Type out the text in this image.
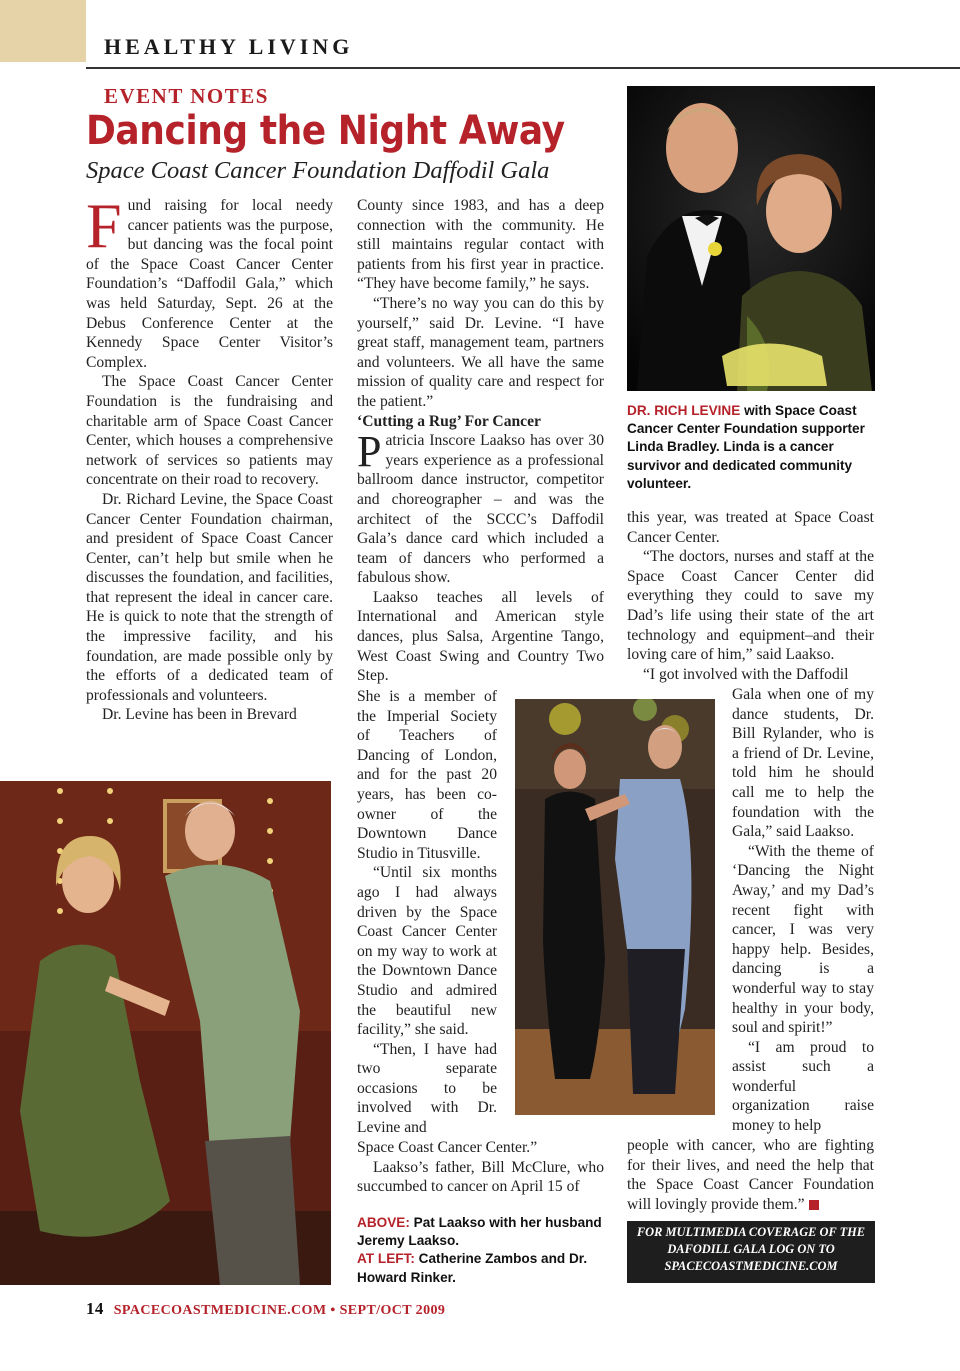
HEALTHY LIVING
EVENT NOTES
Dancing the Night Away
Space Coast Cancer Foundation Daffodil Gala

Fund raising for local needy cancer patients was the purpose, but dancing was the focal point of the Space Coast Cancer Center Foundation’s “Daffodil Gala,” which was held Saturday, Sept. 26 at the Debus Conference Center at the Kennedy Space Center Visitor’s Complex.

The Space Coast Cancer Center Foundation is the fundraising and charitable arm of Space Coast Cancer Center, which houses a comprehensive network of services so patients may concentrate on their road to recovery.

Dr. Richard Levine, the Space Coast Cancer Center Foundation chairman, and president of Space Coast Cancer Center, can’t help but smile when he discusses the foundation, and facilities, that represent the ideal in cancer care. He is quick to note that the strength of the impressive facility, and his foundation, are made possible only by the efforts of a dedicated team of professionals and volunteers.

Dr. Levine has been in Brevard

County since 1983, and has a deep connection with the community. He still maintains regular contact with patients from his first year in practice. “They have become family,” he says.

“There’s no way you can do this by yourself,” said Dr. Levine. “I have great staff, management team, partners and volunteers. We all have the same mission of quality care and respect for the patient.”

‘Cutting a Rug’ For Cancer

Patricia Inscore Laakso has over 30 years experience as a professional ballroom dance instructor, competitor and choreographer – and was the architect of the SCCC’s Daffodil Gala’s dance card which included a team of dancers who performed a fabulous show.

Laakso teaches all levels of International and American style dances, plus Salsa, Argentine Tango, West Coast Swing and Country Two Step.

She is a member of the Imperial Society of Teachers of Dancing of London, and for the past 20 years, has been co-owner of the Downtown Dance Studio in Titusville.

“Until six months ago I had always driven by the Space Coast Cancer Center on my way to work at the Downtown Dance Studio and admired the beautiful new facility,” she said.

“Then, I have had two separate occasions to be involved with Dr. Levine and

Space Coast Cancer Center.”

Laakso’s father, Bill McClure, who succumbed to cancer on April 15 of

this year, was treated at Space Coast Cancer Center.

“The doctors, nurses and staff at the Space Coast Cancer Center did everything they could to save my Dad’s life using their state of the art technology and equipment–and their loving care of him,” said Laakso.

“I got involved with the Daffodil

Gala when one of my dance students, Dr. Bill Rylander, who is a friend of Dr. Levine, told him he should call me to help the foundation with the Gala,” said Laakso.

“With the theme of ‘Dancing the Night Away,’ and my Dad’s recent fight with cancer, I was very happy help. Besides, dancing is a wonderful way to stay healthy in your body, soul and spirit!”

“I am proud to assist such a wonderful organization raise money to help

people with cancer, who are fighting for their lives, and need the help that the Space Coast Cancer Foundation will lovingly provide them.”

DR. RICH LEVINE with Space Coast Cancer Center Foundation supporter Linda Bradley. Linda is a cancer survivor and dedicated community volunteer.
ABOVE: Pat Laakso with her husband Jeremy Laakso.
AT LEFT: Catherine Zambos and Dr. Howard Rinker.
FOR MULTIMEDIA COVERAGE OF THE DAFODILL GALA LOG ON TO SPACECOASTMEDICINE.COM
14 SPACECOASTMEDICINE.COM • SEPT/OCT 2009
